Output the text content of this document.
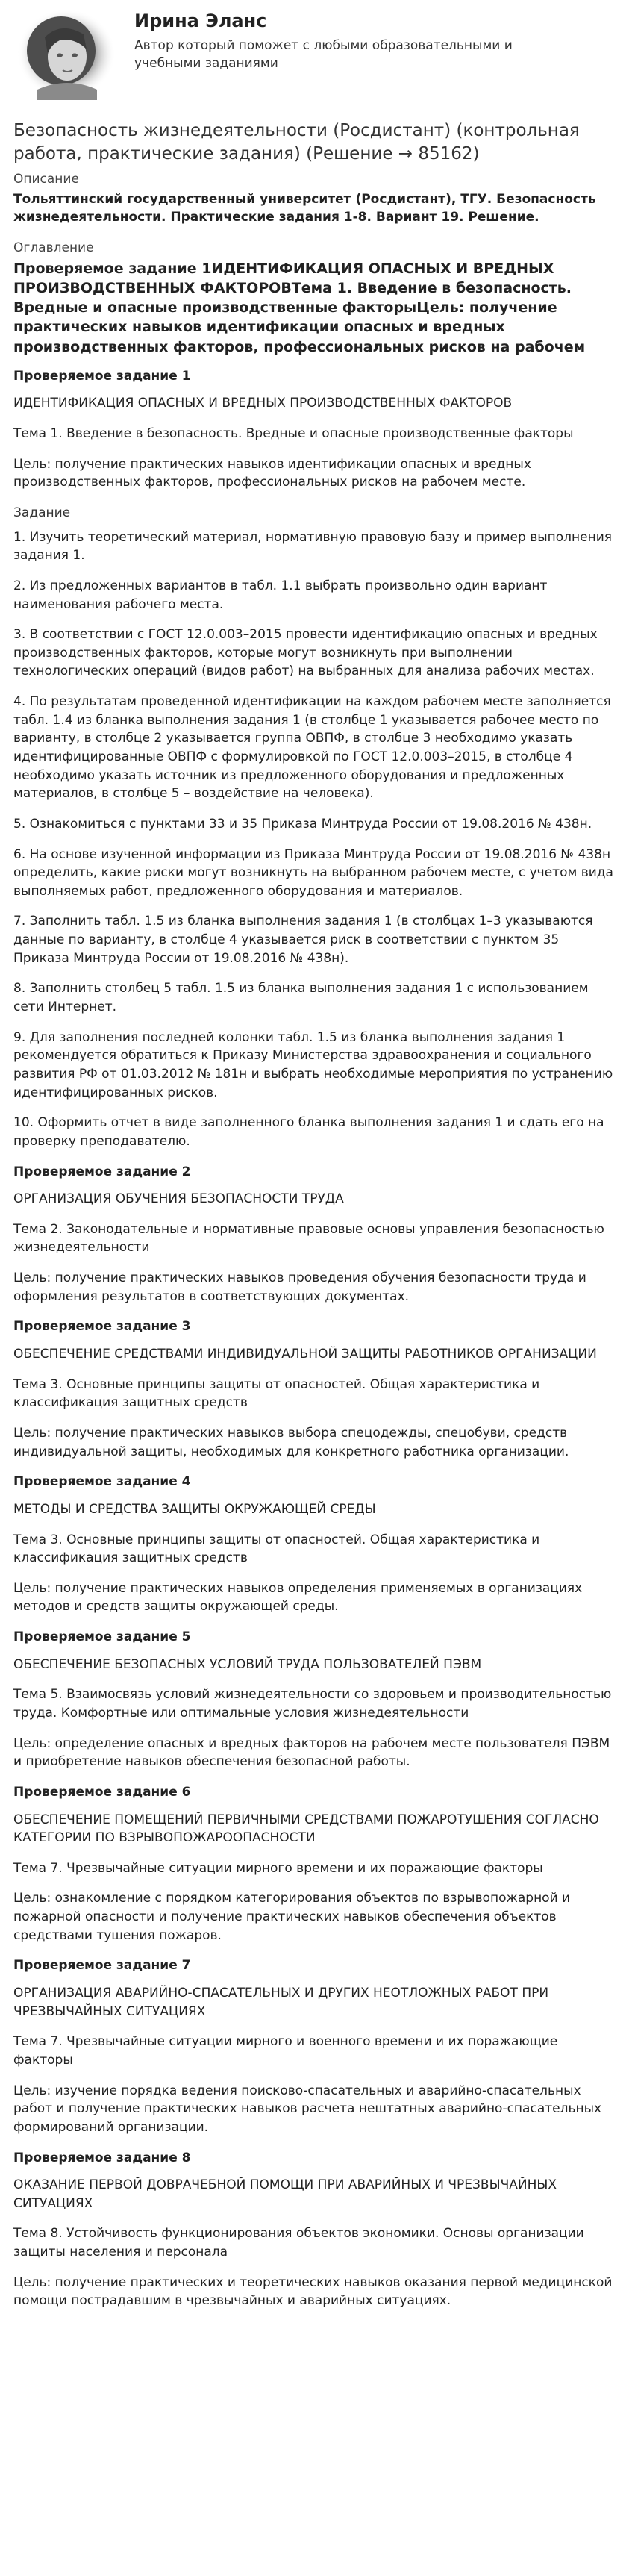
Ирина Эланс
Автор который поможет с любыми образовательными и учебными заданиями
Безопасность жизнедеятельности (Росдистант) (контрольная работа, практические задания) (Решение → 85162)
Описание
Тольяттинский государственный университет (Росдистант), ТГУ. Безопасность жизнедеятельности. Практические задания 1-8. Вариант 19. Решение.
Оглавление
Проверяемое задание 1ИДЕНТИФИКАЦИЯ ОПАСНЫХ И ВРЕДНЫХ ПРОИЗВОДСТВЕННЫХ ФАКТОРОВТема 1. Введение в безопасность. Вредные и опасные производственные факторыЦель: получение практических навыков идентификации опасных и вредных производственных факторов, профессиональных рисков на рабочем
Проверяемое задание 1
ИДЕНТИФИКАЦИЯ ОПАСНЫХ И ВРЕДНЫХ ПРОИЗВОДСТВЕННЫХ ФАКТОРОВ
Тема 1. Введение в безопасность. Вредные и опасные производственные факторы
Цель: получение практических навыков идентификации опасных и вредных производственных факторов, профессиональных рисков на рабочем месте.
Задание
1. Изучить теоретический материал, нормативную правовую базу и пример выполнения задания 1.
2. Из предложенных вариантов в табл. 1.1 выбрать произвольно один вариант наименования рабочего места.
3. В соответствии с ГОСТ 12.0.003–2015 провести идентификацию опасных и вредных производственных факторов, которые могут возникнуть при выполнении технологических операций (видов работ) на выбранных для анализа рабочих местах.
4. По результатам проведенной идентификации на каждом рабочем месте заполняется табл. 1.4 из бланка выполнения задания 1 (в столбце 1 указывается рабочее место по варианту, в столбце 2 указывается группа ОВПФ, в столбце 3 необходимо указать идентифицированные ОВПФ с формулировкой по ГОСТ 12.0.003–2015, в столбце 4 необходимо указать источник из предложенного оборудования и предложенных материалов, в столбце 5 – воздействие на человека).
5. Ознакомиться с пунктами 33 и 35 Приказа Минтруда России от 19.08.2016 № 438н.
6. На основе изученной информации из Приказа Минтруда России от 19.08.2016 № 438н определить, какие риски могут возникнуть на выбранном рабочем месте, с учетом вида выполняемых работ, предложенного оборудования и материалов.
7. Заполнить табл. 1.5 из бланка выполнения задания 1 (в столбцах 1–3 указываются данные по варианту, в столбце 4 указывается риск в соответствии с пунктом 35 Приказа Минтруда России от 19.08.2016 № 438н).
8. Заполнить столбец 5 табл. 1.5 из бланка выполнения задания 1 с использованием сети Интернет.
9. Для заполнения последней колонки табл. 1.5 из бланка выполнения задания 1 рекомендуется обратиться к Приказу Министерства здравоохранения и социального развития РФ от 01.03.2012 № 181н и выбрать необходимые мероприятия по устранению идентифицированных рисков.
10. Оформить отчет в виде заполненного бланка выполнения задания 1 и сдать его на проверку преподавателю.
Проверяемое задание 2
ОРГАНИЗАЦИЯ ОБУЧЕНИЯ БЕЗОПАСНОСТИ ТРУДА
Тема 2. Законодательные и нормативные правовые основы управления безопасностью жизнедеятельности
Цель: получение практических навыков проведения обучения безопасности труда и оформления результатов в соответствующих документах.
Проверяемое задание 3
ОБЕСПЕЧЕНИЕ СРЕДСТВАМИ ИНДИВИДУАЛЬНОЙ ЗАЩИТЫ РАБОТНИКОВ ОРГАНИЗАЦИИ
Тема 3. Основные принципы защиты от опасностей. Общая характеристика и классификация защитных средств
Цель: получение практических навыков выбора спецодежды, спецобуви, средств индивидуальной защиты, необходимых для конкретного работника организации.
Проверяемое задание 4
МЕТОДЫ И СРЕДСТВА ЗАЩИТЫ ОКРУЖАЮЩЕЙ СРЕДЫ
Тема 3. Основные принципы защиты от опасностей. Общая характеристика и классификация защитных средств
Цель: получение практических навыков определения применяемых в организациях методов и средств защиты окружающей среды.
Проверяемое задание 5
ОБЕСПЕЧЕНИЕ БЕЗОПАСНЫХ УСЛОВИЙ ТРУДА ПОЛЬЗОВАТЕЛЕЙ ПЭВМ
Тема 5. Взаимосвязь условий жизнедеятельности со здоровьем и производительностью труда. Комфортные или оптимальные условия жизнедеятельности
Цель: определение опасных и вредных факторов на рабочем месте пользователя ПЭВМ и приобретение навыков обеспечения безопасной работы.
Проверяемое задание 6
ОБЕСПЕЧЕНИЕ ПОМЕЩЕНИЙ ПЕРВИЧНЫМИ СРЕДСТВАМИ ПОЖАРОТУШЕНИЯ СОГЛАСНО КАТЕГОРИИ ПО ВЗРЫВОПОЖАРООПАСНОСТИ
Тема 7. Чрезвычайные ситуации мирного времени и их поражающие факторы
Цель: ознакомление с порядком категорирования объектов по взрывопожарной и пожарной опасности и получение практических навыков обеспечения объектов средствами тушения пожаров.
Проверяемое задание 7
ОРГАНИЗАЦИЯ АВАРИЙНО-СПАСАТЕЛЬНЫХ И ДРУГИХ НЕОТЛОЖНЫХ РАБОТ ПРИ ЧРЕЗВЫЧАЙНЫХ СИТУАЦИЯХ
Тема 7. Чрезвычайные ситуации мирного и военного времени и их поражающие факторы
Цель: изучение порядка ведения поисково-спасательных и аварийно-спасательных работ и получение практических навыков расчета нештатных аварийно-спасательных формирований организации.
Проверяемое задание 8
ОКАЗАНИЕ ПЕРВОЙ ДОВРАЧЕБНОЙ ПОМОЩИ ПРИ АВАРИЙНЫХ И ЧРЕЗВЫЧАЙНЫХ СИТУАЦИЯХ
Тема 8. Устойчивость функционирования объектов экономики. Основы организации защиты населения и персонала
Цель: получение практических и теоретических навыков оказания первой медицинской помощи пострадавшим в чрезвычайных и аварийных ситуациях.
